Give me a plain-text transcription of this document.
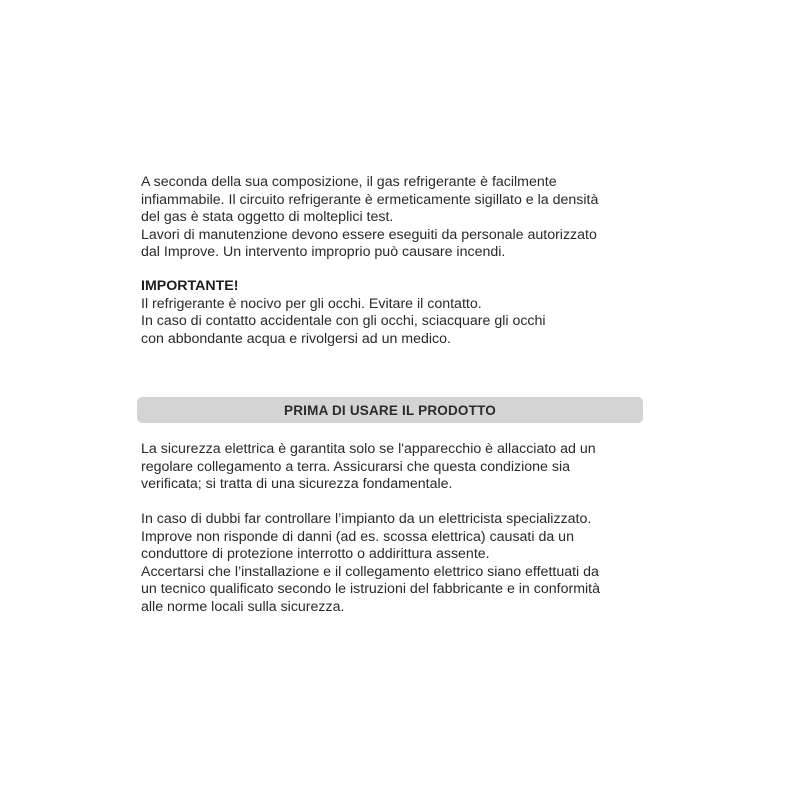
A seconda della sua composizione, il gas refrigerante è facilmente
infiammabile. Il circuito refrigerante è ermeticamente sigillato e la densità
del gas è stata oggetto di molteplici test.
Lavori di manutenzione devono essere eseguiti da personale autorizzato
dal Improve. Un intervento improprio può causare incendi.
IMPORTANTE!
Il refrigerante è nocivo per gli occhi. Evitare il contatto.
In caso di contatto accidentale con gli occhi, sciacquare gli occhi
con abbondante acqua e rivolgersi ad un medico.
PRIMA DI USARE IL PRODOTTO
La sicurezza elettrica è garantita solo se l'apparecchio è allacciato ad un
regolare collegamento a terra. Assicurarsi che questa condizione sia
verificata; si tratta di una sicurezza fondamentale.
In caso di dubbi far controllare l’impianto da un elettricista specializzato.
Improve non risponde di danni (ad es. scossa elettrica) causati da un
conduttore di protezione interrotto o addirittura assente.
Accertarsi che l’installazione e il collegamento elettrico siano effettuati da
un tecnico qualificato secondo le istruzioni del fabbricante e in conformità
alle norme locali sulla sicurezza.
